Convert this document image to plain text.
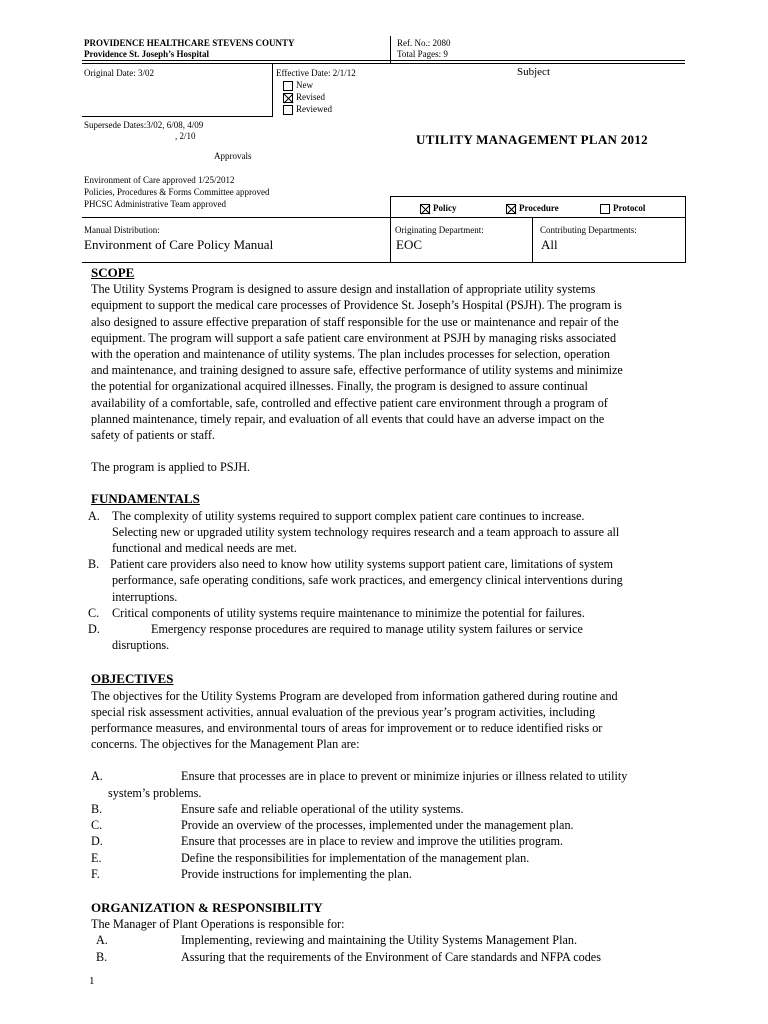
PROVIDENCE HEALTHCARE STEVENS COUNTY
Providence St. Joseph’s Hospital
Ref. No.: 2080
Total Pages: 9
Original Date: 3/02	Effective Date: 2/1/12
New
Revised
Reviewed
Subject
UTILITY MANAGEMENT PLAN 2012
Supersede Dates:3/02, 6/08, 4/09
, 2/10
Approvals
Environment of Care approved 1/25/2012
Policies, Procedures & Forms Committee approved
PHCSC Administrative Team approved	Policy	Procedure	Protocol
Manual Distribution:
Environment of Care Policy Manual
Originating Department:
EOC
Contributing Departments:
All
SCOPE
The Utility Systems Program is designed to assure design and installation of appropriate utility systems
equipment to support the medical care processes of Providence St. Joseph’s Hospital (PSJH). The program is
also designed to assure effective preparation of staff responsible for the use or maintenance and repair of the
equipment. The program will support a safe patient care environment at PSJH by managing risks associated
with the operation and maintenance of utility systems. The plan includes processes for selection, operation
and maintenance, and training designed to assure safe, effective performance of utility systems and minimize
the potential for organizational acquired illnesses. Finally, the program is designed to assure continual
availability of a comfortable, safe, controlled and effective patient care environment through a program of
planned maintenance, timely repair, and evaluation of all events that could have an adverse impact on the
safety of patients or staff.
The program is applied to PSJH.
FUNDAMENTALS
A. The complexity of utility systems required to support complex patient care continues to increase.
Selecting new or upgraded utility system technology requires research and a team approach to assure all
functional and medical needs are met.
B. Patient care providers also need to know how utility systems support patient care, limitations of system
performance, safe operating conditions, safe work practices, and emergency clinical interventions during
interruptions.
C.	Critical components of utility systems require maintenance to minimize the potential for failures.
D.	Emergency response procedures are required to manage utility system failures or service
disruptions.
OBJECTIVES
The objectives for the Utility Systems Program are developed from information gathered during routine and
special risk assessment activities, annual evaluation of the previous year’s program activities, including
performance measures, and environmental tours of areas for improvement or to reduce identified risks or
concerns. The objectives for the Management Plan are:
A.	Ensure that processes are in place to prevent or minimize injuries or illness related to utility
system’s problems.
B.	Ensure safe and reliable operational of the utility systems.
C.	Provide an overview of the processes, implemented under the management plan.
D.	Ensure that processes are in place to review and improve the utilities program.
E.	Define the responsibilities for implementation of the management plan.
F.	Provide instructions for implementing the plan.
ORGANIZATION & RESPONSIBILITY
The Manager of Plant Operations is responsible for:
A.	Implementing, reviewing and maintaining the Utility Systems Management Plan.
B.	Assuring that the requirements of the Environment of Care standards and NFPA codes
1
